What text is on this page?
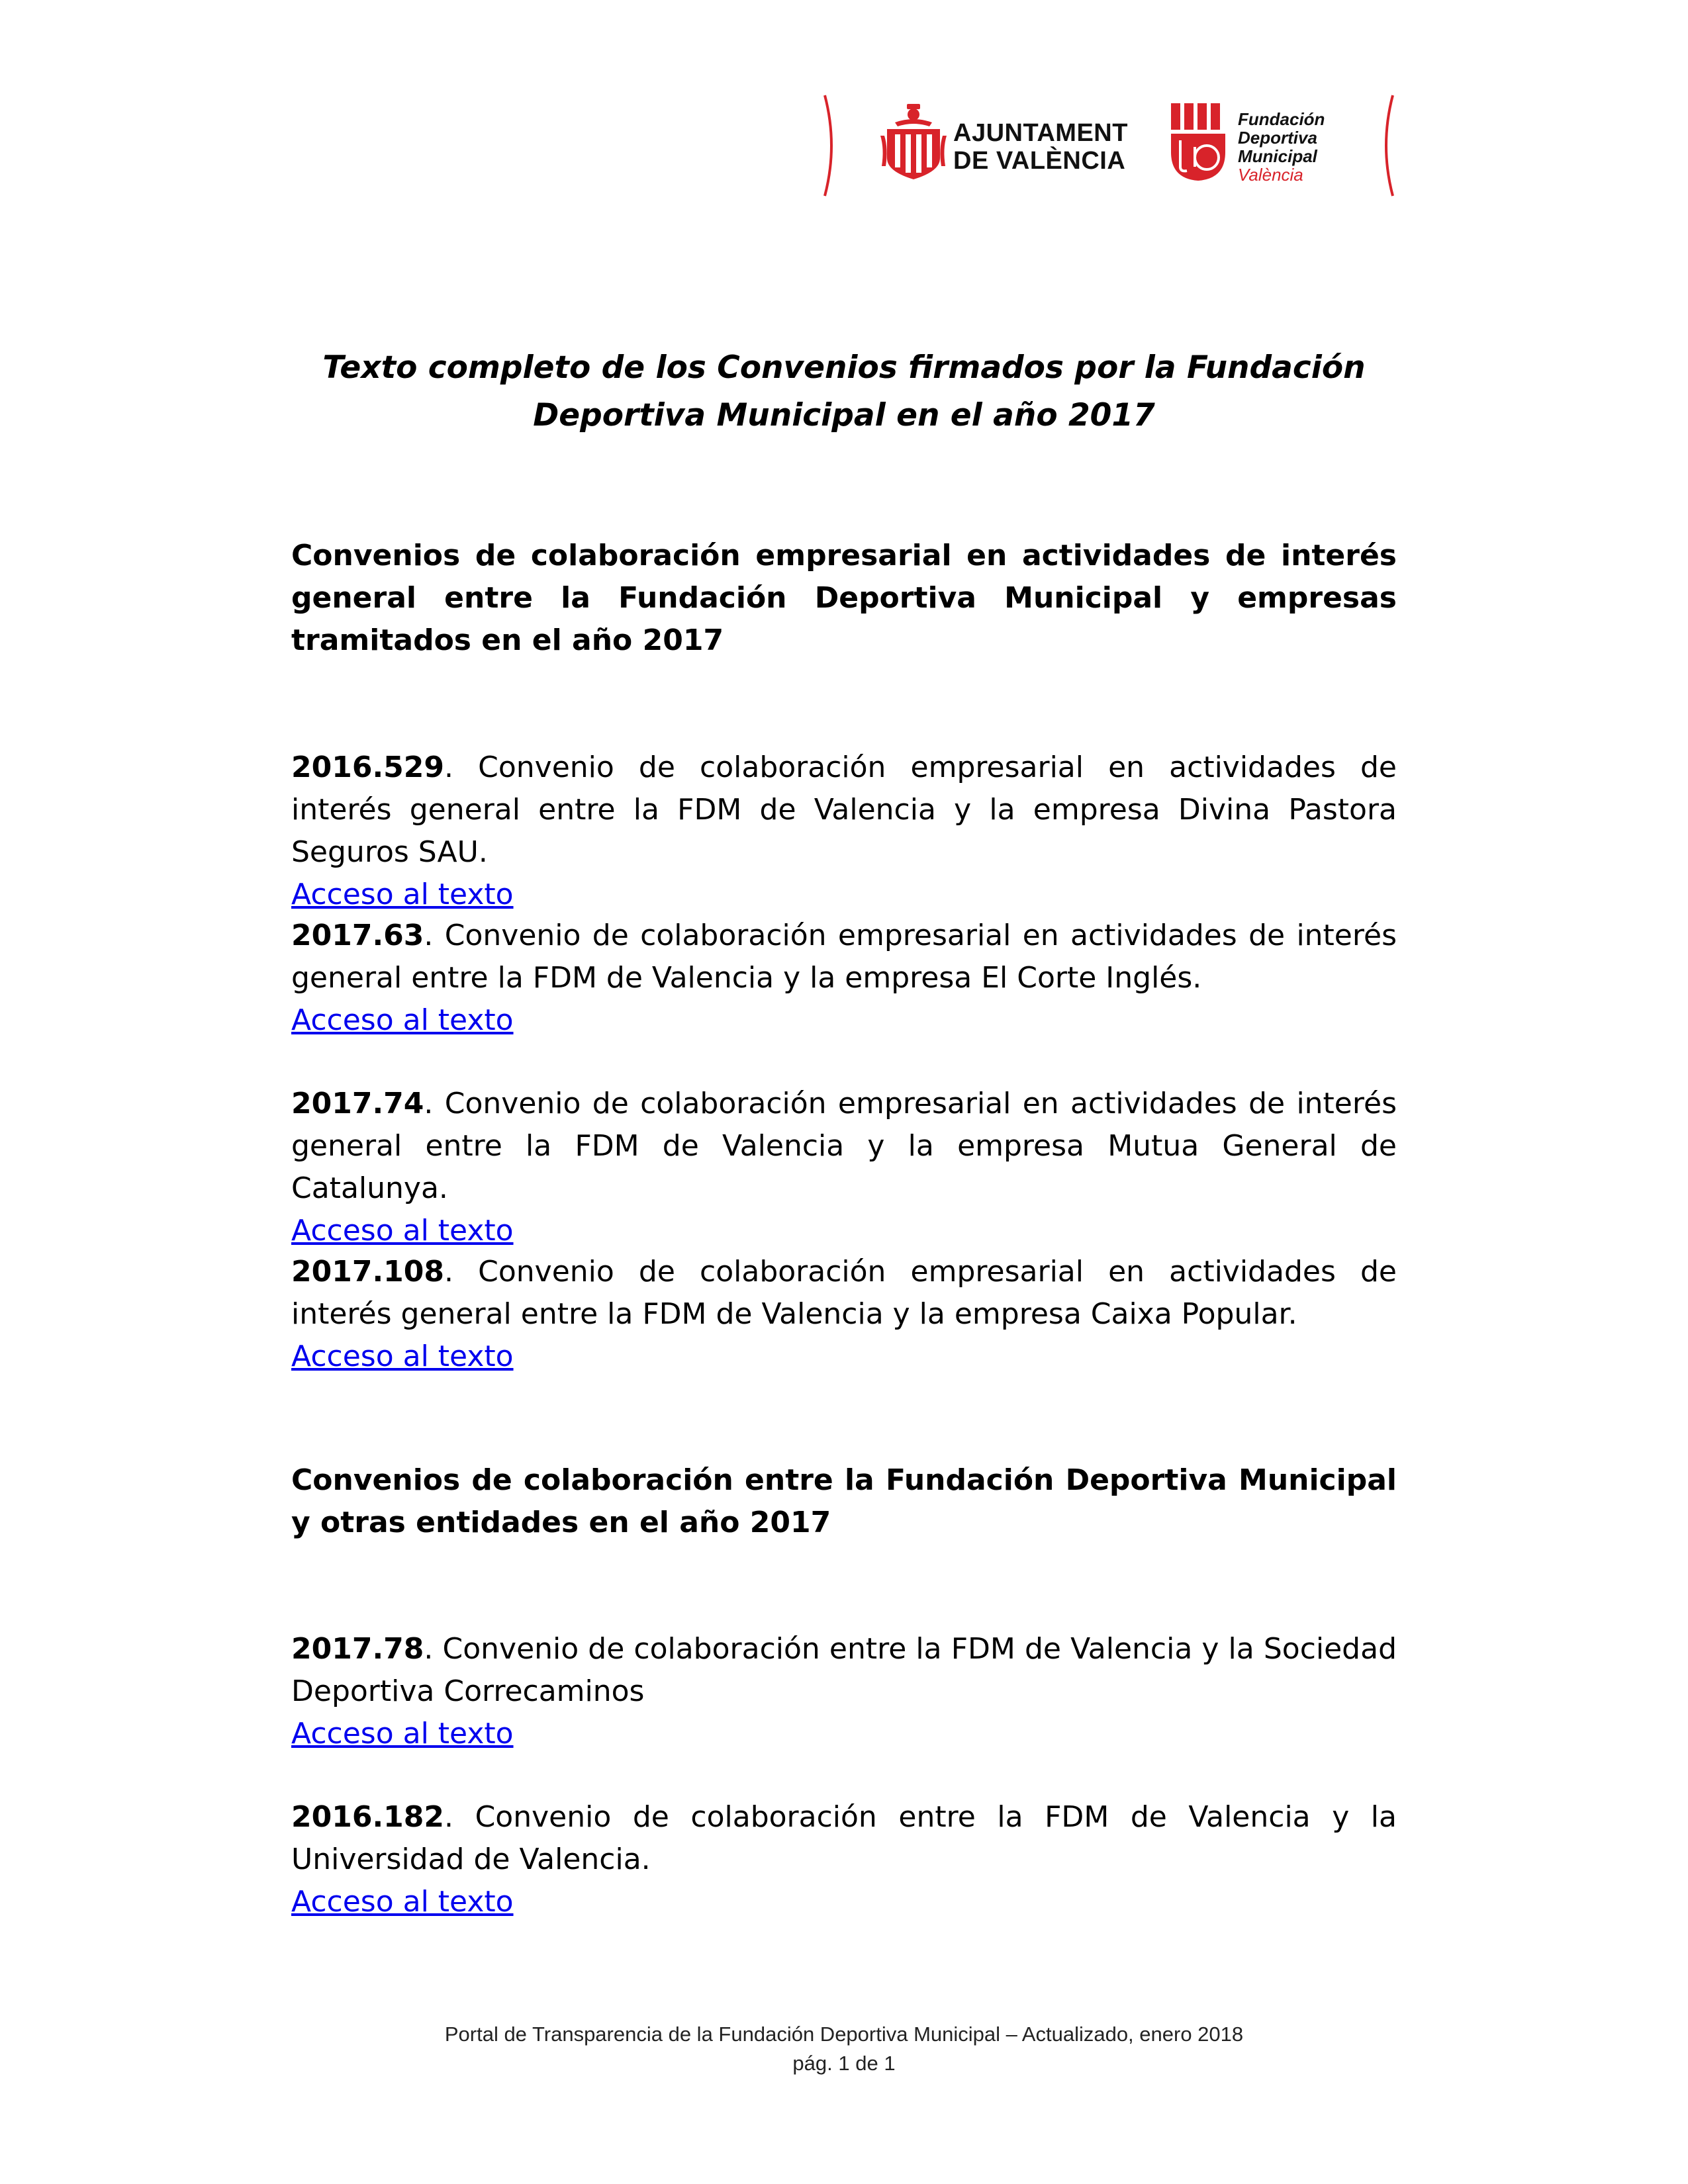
AJUNTAMENT
DE VALÈNCIA
Fundación
Deportiva
Municipal
València
Texto completo de los Convenios firmados por la Fundación Deportiva Municipal en el año 2017
Convenios de colaboración empresarial en actividades de interés general entre la Fundación Deportiva Municipal y empresas tramitados en el año 2017

2016.529. Convenio de colaboración empresarial en actividades de interés general entre la FDM de Valencia y la empresa Divina Pastora Seguros SAU.

Acceso al texto

2017.63. Convenio de colaboración empresarial en actividades de interés general entre la FDM de Valencia y la empresa El Corte Inglés.

Acceso al texto

2017.74. Convenio de colaboración empresarial en actividades de interés general entre la FDM de Valencia y la empresa Mutua General de Catalunya.

Acceso al texto

2017.108. Convenio de colaboración empresarial en actividades de interés general entre la FDM de Valencia y la empresa Caixa Popular.

Acceso al texto
Convenios de colaboración entre la Fundación Deportiva Municipal y otras entidades en el año 2017

2017.78. Convenio de colaboración entre la FDM de Valencia y la Sociedad Deportiva Correcaminos

Acceso al texto

2016.182. Convenio de colaboración entre la FDM de Valencia y la Universidad de Valencia.

Acceso al texto
Portal de Transparencia de la Fundación Deportiva Municipal – Actualizado, enero 2018
pág. 1 de 1
